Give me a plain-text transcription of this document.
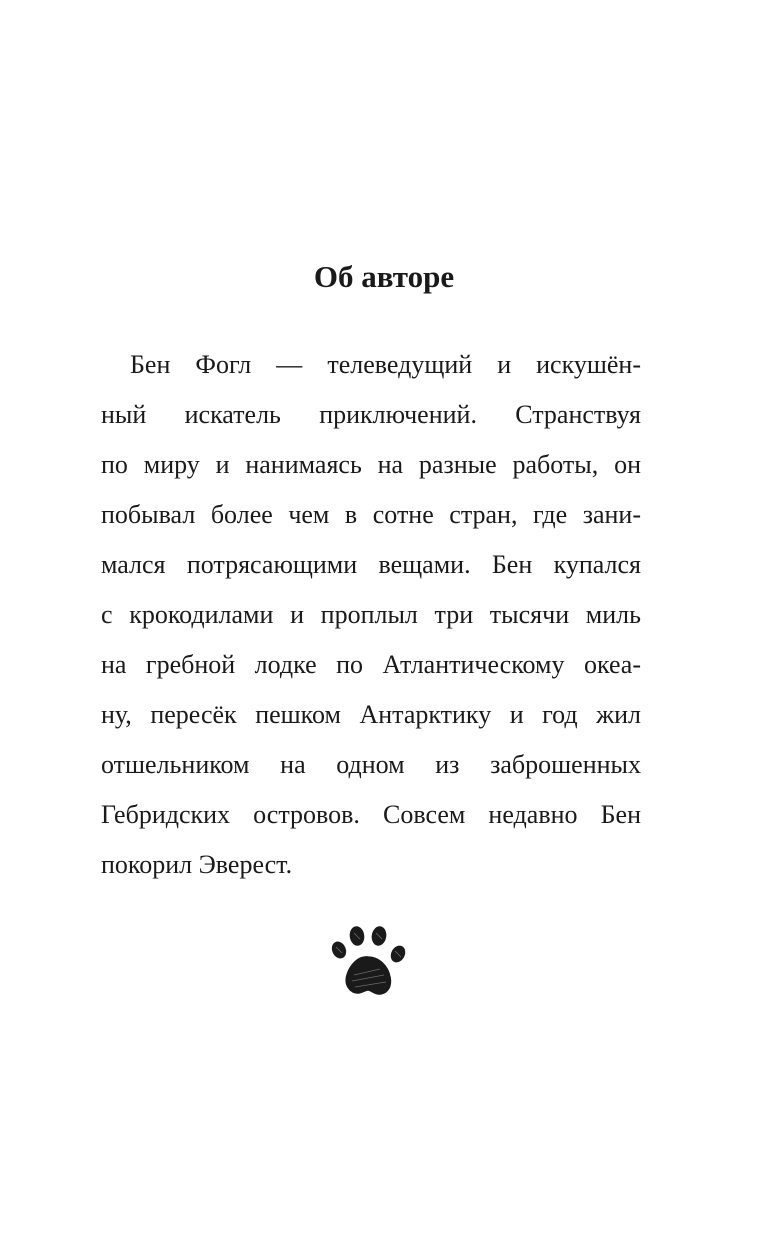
Об авторе
Бен Фогл — телеведущий и искушён-
ный искатель приключений. Странствуя
по миру и нанимаясь на разные работы, он
побывал более чем в сотне стран, где зани-
мался потрясающими вещами. Бен купался
с крокодилами и проплыл три тысячи миль
на гребной лодке по Атлантическому океа-
ну, пересёк пешком Антарктику и год жил
отшельником на одном из заброшенных
Гебридских островов. Совсем недавно Бен
покорил Эверест.
